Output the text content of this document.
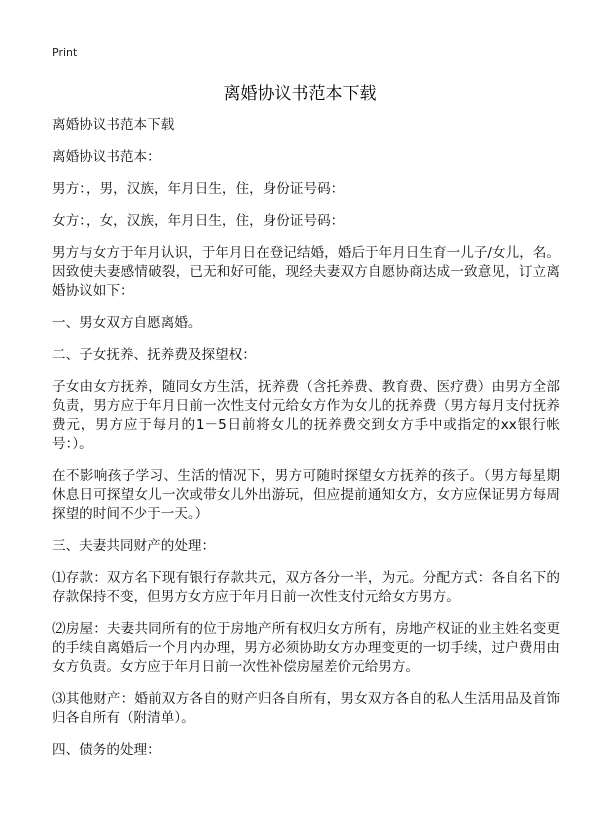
Print
离婚协议书范本下载

离婚协议书范本下载

离婚协议书范本：

男方：，男，汉族，年月日生，住，身份证号码：

女方：，女，汉族，年月日生，住，身份证号码：

男方与女方于年月认识，于年月日在登记结婚，婚后于年月日生育一儿子/女儿，名。因致使夫妻感情破裂，已无和好可能，现经夫妻双方自愿协商达成一致意见，订立离婚协议如下：

一、男女双方自愿离婚。

二、子女抚养、抚养费及探望权：

子女由女方抚养，随同女方生活，抚养费（含托养费、教育费、医疗费）由男方全部负责，男方应于年月日前一次性支付元给女方作为女儿的抚养费（男方每月支付抚养费元，男方应于每月的1－5日前将女儿的抚养费交到女方手中或指定的xx银行帐号：）。

在不影响孩子学习、生活的情况下，男方可随时探望女方抚养的孩子。（男方每星期休息日可探望女儿一次或带女儿外出游玩，但应提前通知女方，女方应保证男方每周探望的时间不少于一天。）

三、夫妻共同财产的处理：

⑴存款：双方名下现有银行存款共元，双方各分一半，为元。分配方式：各自名下的存款保持不变，但男方女方应于年月日前一次性支付元给女方男方。

⑵房屋：夫妻共同所有的位于房地产所有权归女方所有，房地产权证的业主姓名变更的手续自离婚后一个月内办理，男方必须协助女方办理变更的一切手续，过户费用由女方负责。女方应于年月日前一次性补偿房屋差价元给男方。

⑶其他财产：婚前双方各自的财产归各自所有，男女双方各自的私人生活用品及首饰归各自所有（附清单）。

四、债务的处理：
